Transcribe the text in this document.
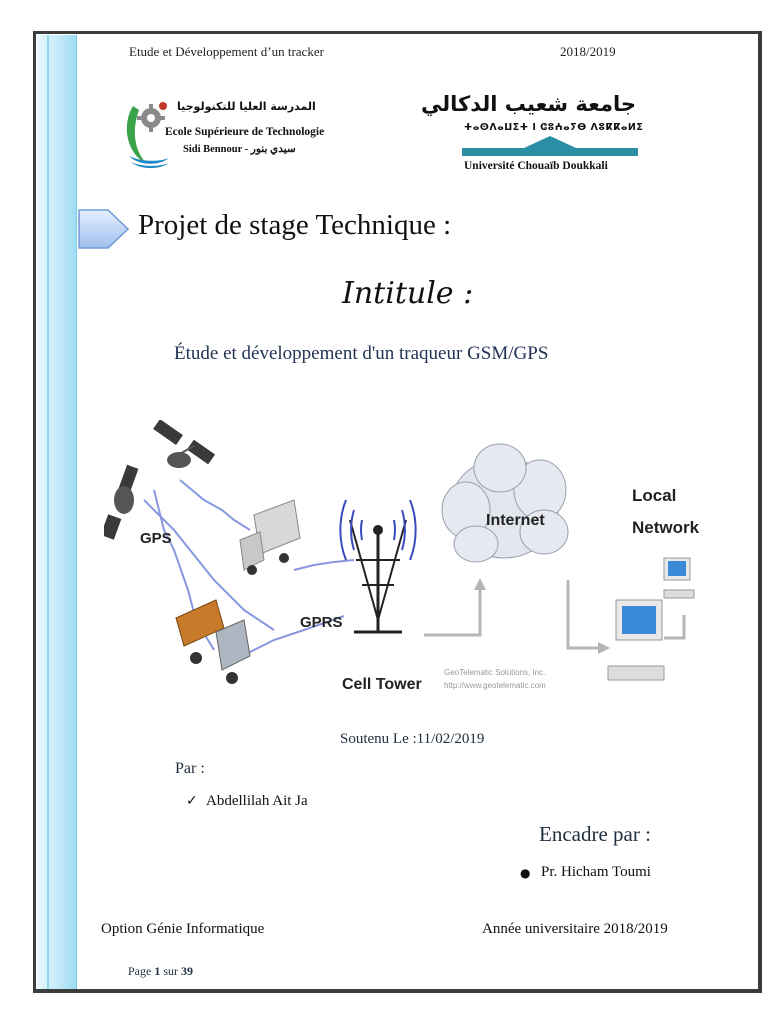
Etude et Développement d’un tracker	2018/2019

المدرسة العليا للتكنولوجيا

Ecole Supérieure de Technologie

Sidi Bennour - سيدي بنور

جامعة شعيب الدكالي

ⵜⴰⵙⴷⴰⵡⵉⵜ ⵏ ⵛⵓⵄⴰⵢⴱ ⴷⵓⴽⴽⴰⵍⵉ

Université Chouaïb Doukkali

Projet de stage Technique :

Intitule :

Étude et développement d'un traqueur GSM/GPS

GPS

GPRS

Cell Tower

Internet

Local

Network

GeoTelematic Solutions, Inc.

http://www.geotelematic.com

Soutenu Le :11/02/2019

Par :

✓ Abdellilah Ait Ja

Encadre par :

● Pr. Hicham Toumi

Option Génie Informatique	Année universitaire 2018/2019

Page 1 sur 39
